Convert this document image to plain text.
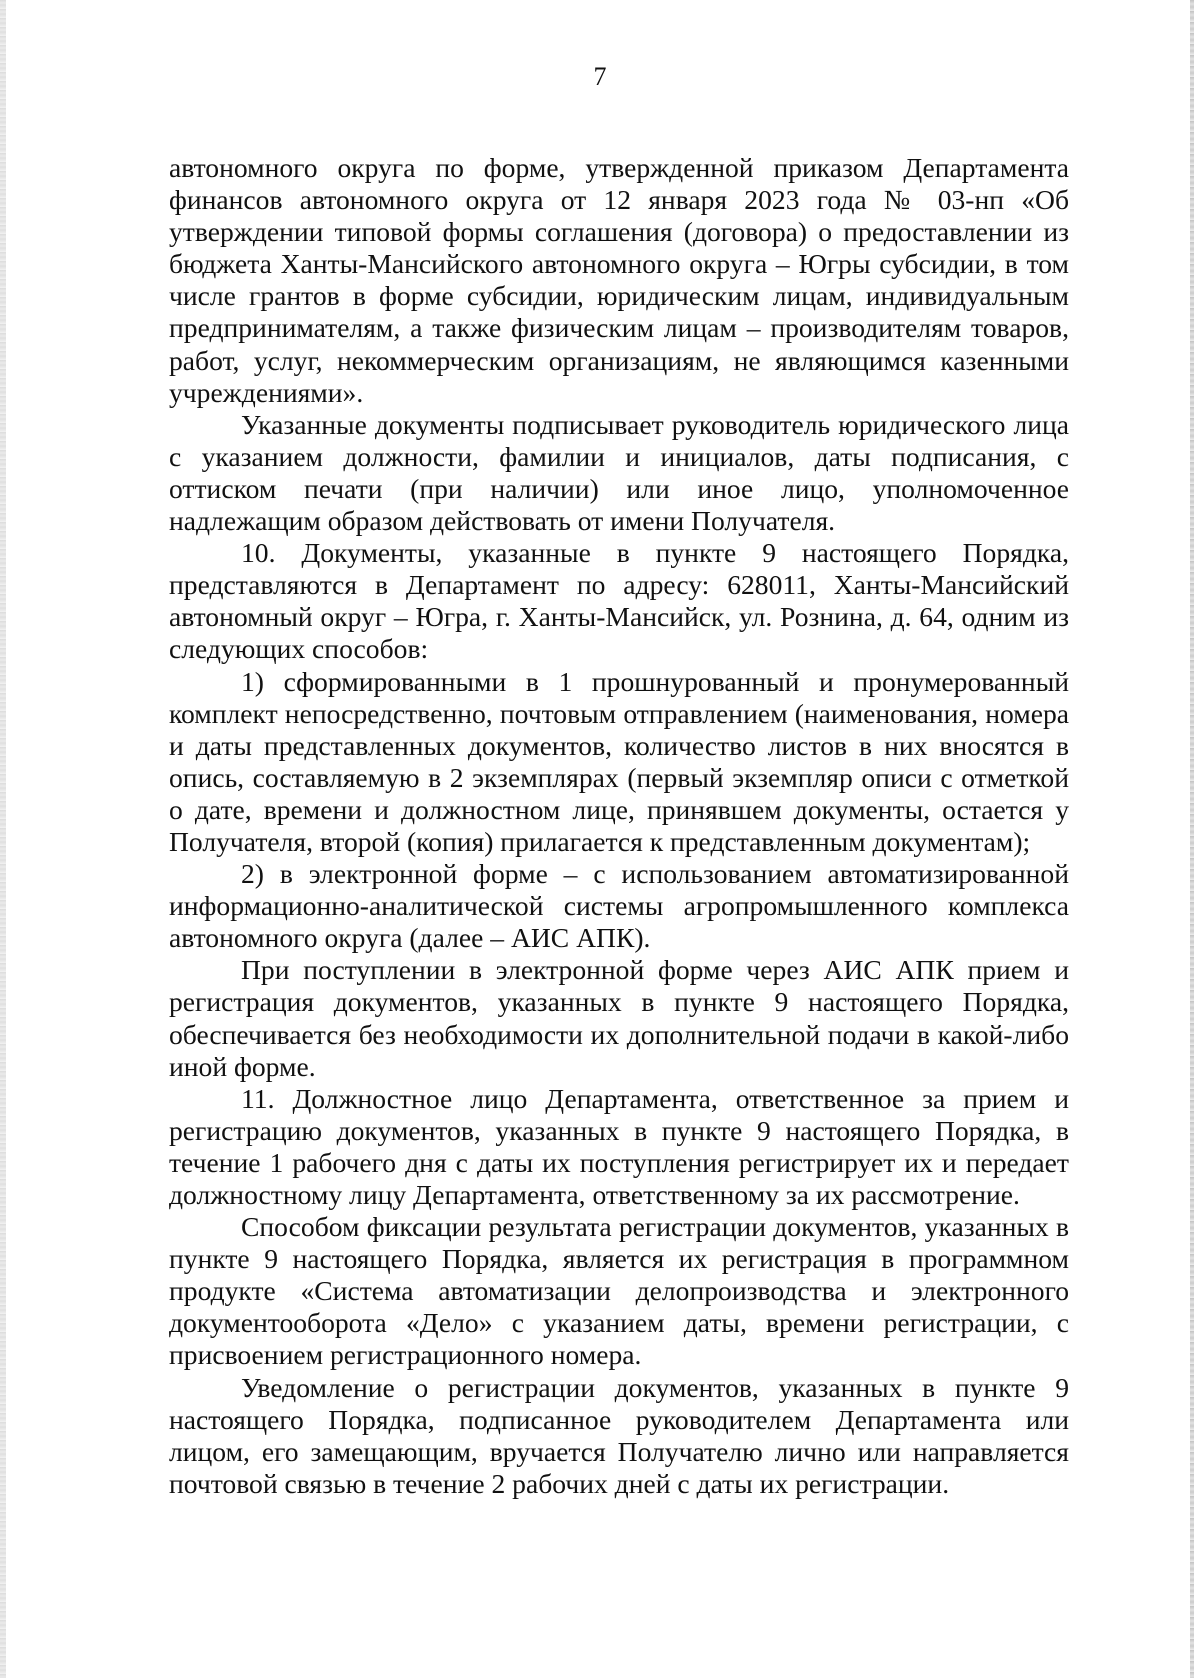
7

автономного округа по форме, утвержденной приказом Департамента финансов автономного округа от 12 января 2023 года № 03-нп «Об утверждении типовой формы соглашения (договора) о предоставлении из бюджета Ханты-Мансийского автономного округа – Югры субсидии, в том числе грантов в форме субсидии, юридическим лицам, индивидуальным предпринимателям, а также физическим лицам – производителям товаров, работ, услуг, некоммерческим организациям, не являющимся казенными учреждениями».

Указанные документы подписывает руководитель юридического лица с указанием должности, фамилии и инициалов, даты подписания, с оттиском печати (при наличии) или иное лицо, уполномоченное надлежащим образом действовать от имени Получателя.

10. Документы, указанные в пункте 9 настоящего Порядка, представляются в Департамент по адресу: 628011, Ханты-Мансийский автономный округ – Югра, г. Ханты-Мансийск, ул. Рознина, д. 64, одним из следующих способов:

1) сформированными в 1 прошнурованный и пронумерованный комплект непосредственно, почтовым отправлением (наименования, номера и даты представленных документов, количество листов в них вносятся в опись, составляемую в 2 экземплярах (первый экземпляр описи с отметкой о дате, времени и должностном лице, принявшем документы, остается у Получателя, второй (копия) прилагается к представленным документам);

2) в электронной форме – с использованием автоматизированной информационно-аналитической системы агропромышленного комплекса автономного округа (далее – АИС АПК).

При поступлении в электронной форме через АИС АПК прием и регистрация документов, указанных в пункте 9 настоящего Порядка, обеспечивается без необходимости их дополнительной подачи в какой-либо иной форме.

11. Должностное лицо Департамента, ответственное за прием и регистрацию документов, указанных в пункте 9 настоящего Порядка, в течение 1 рабочего дня с даты их поступления регистрирует их и передает должностному лицу Департамента, ответственному за их рассмотрение.

Способом фиксации результата регистрации документов, указанных в пункте 9 настоящего Порядка, является их регистрация в программном продукте «Система автоматизации делопроизводства и электронного документооборота «Дело» с указанием даты, времени регистрации, с присвоением регистрационного номера.

Уведомление о регистрации документов, указанных в пункте 9 настоящего Порядка, подписанное руководителем Департамента или лицом, его замещающим, вручается Получателю лично или направляется почтовой связью в течение 2 рабочих дней с даты их регистрации.
